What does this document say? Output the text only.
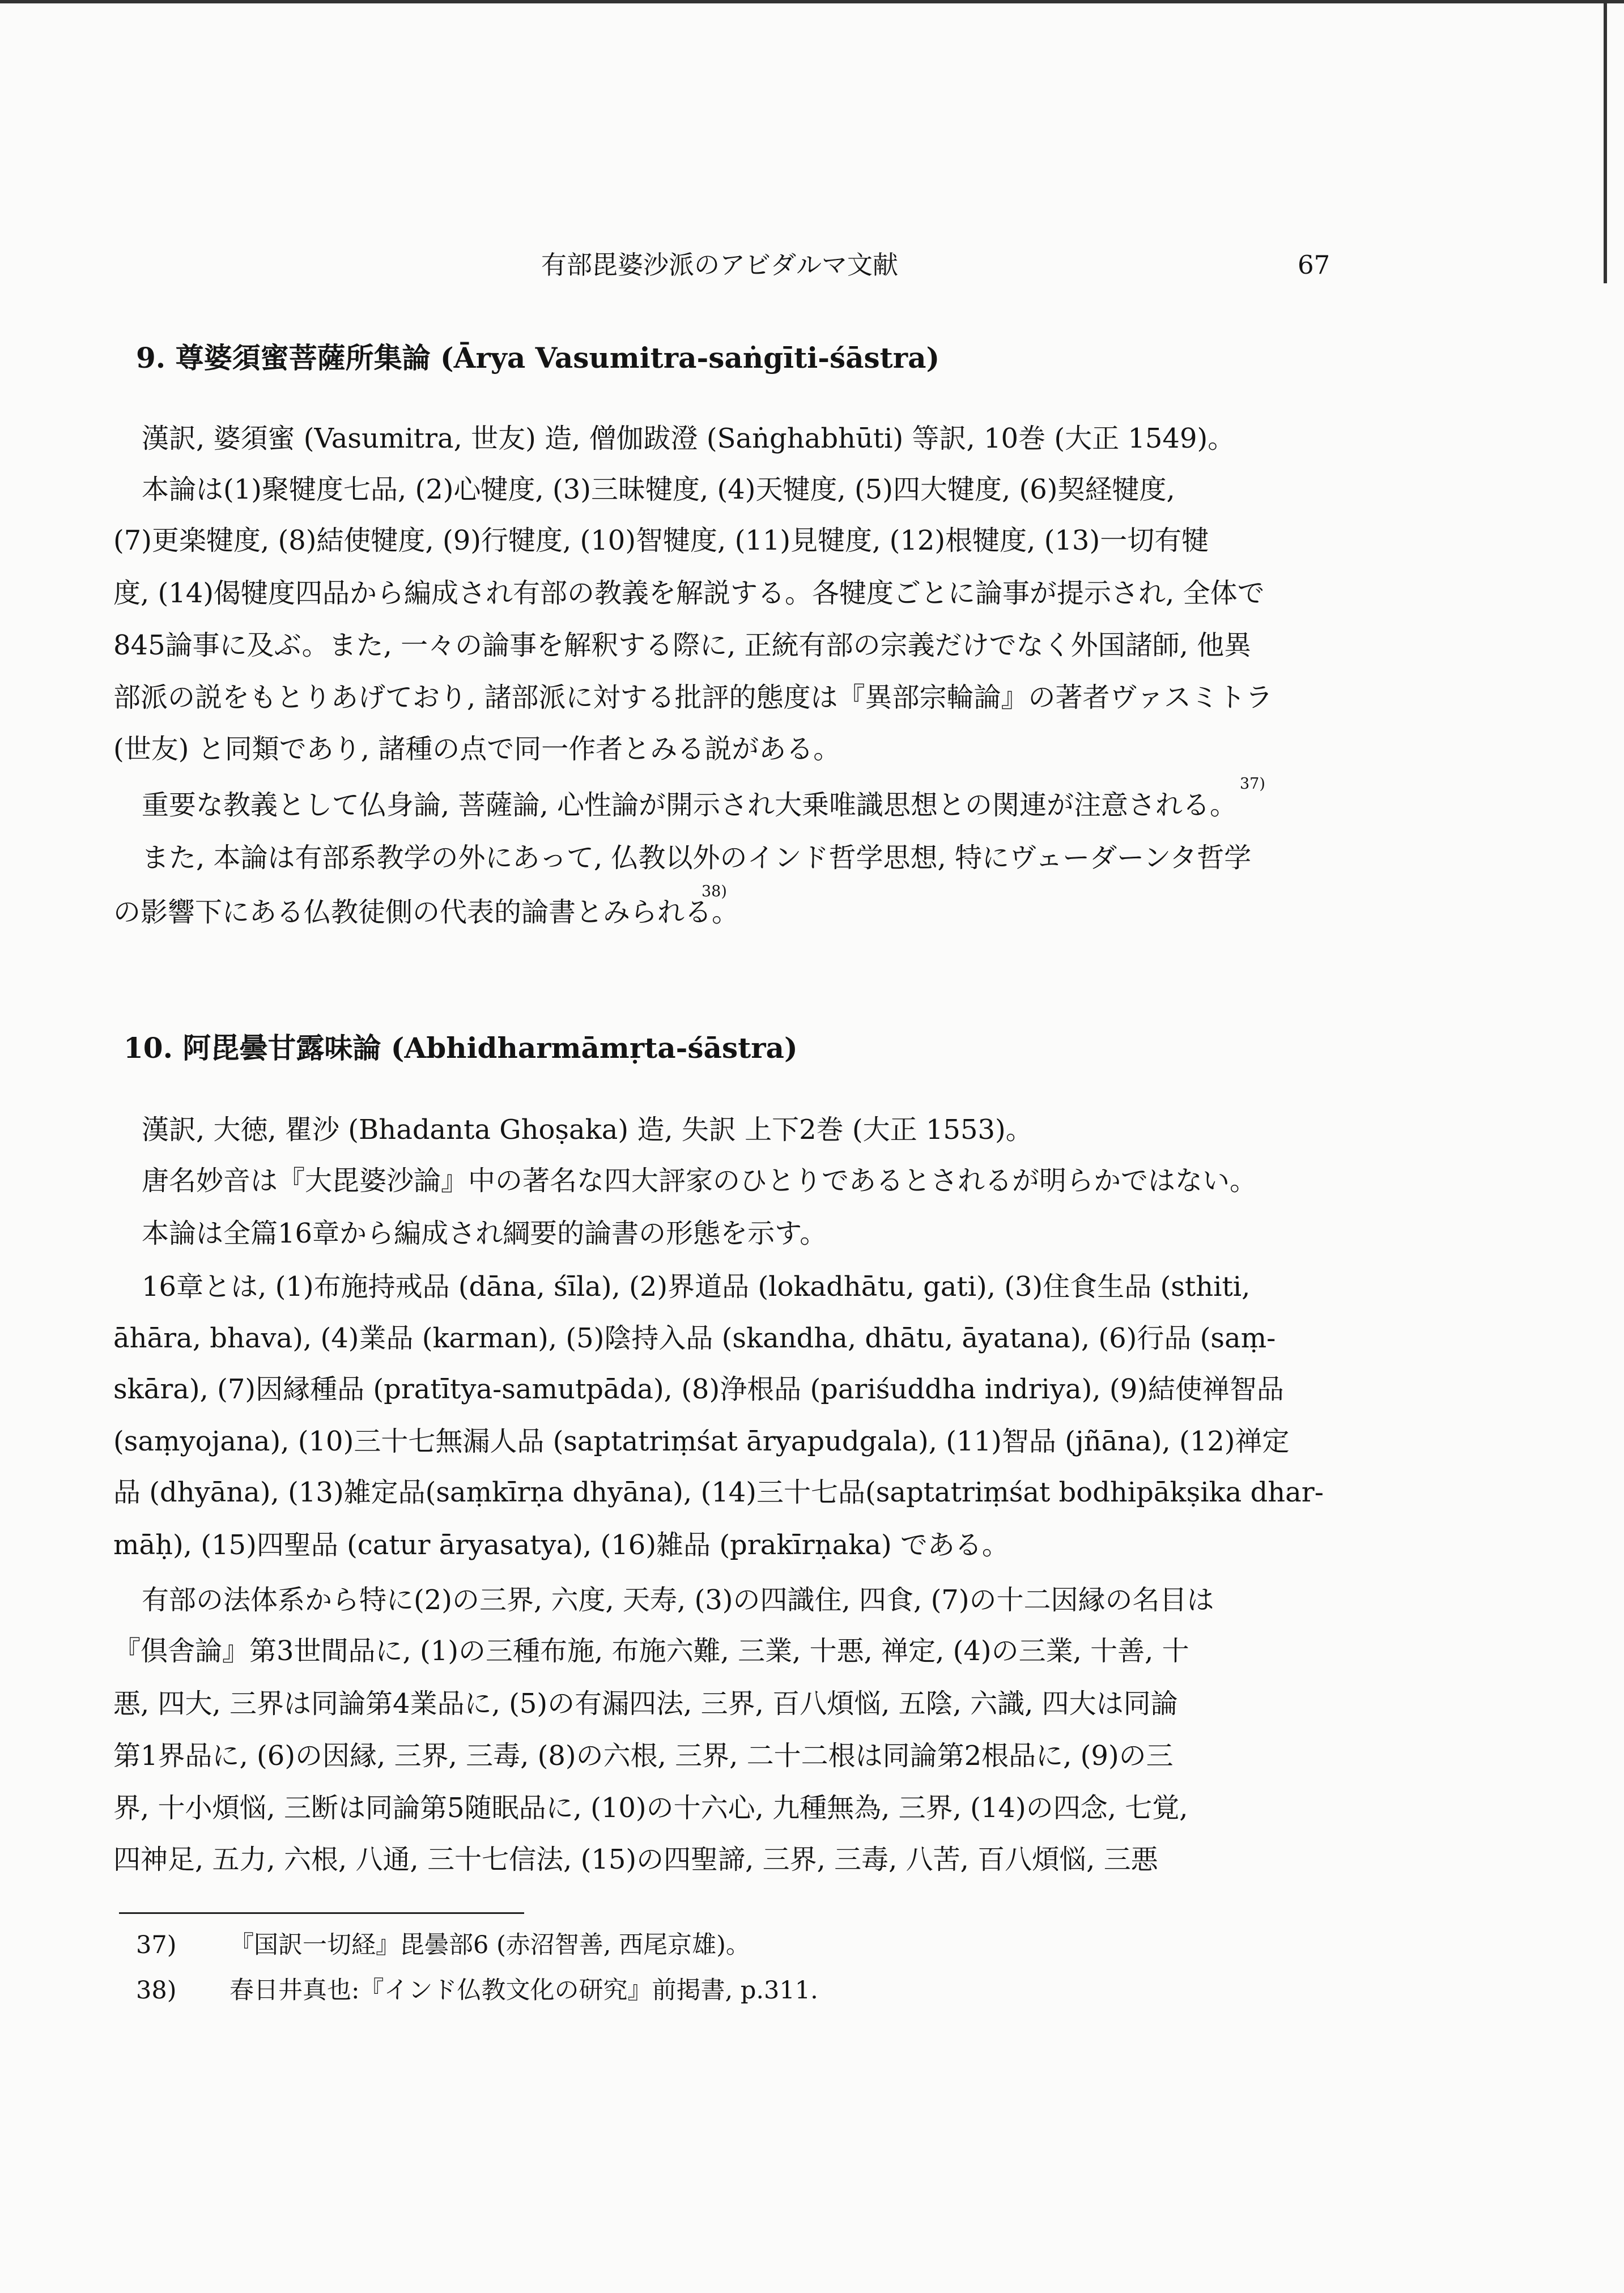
有部毘婆沙派のアビダルマ文献	67
9. 尊婆須蜜菩薩所集論 (Ārya Vasumitra-saṅgīti-śāstra)
漢訳, 婆須蜜 (Vasumitra, 世友) 造, 僧伽跋澄 (Saṅghabhūti) 等訳, 10巻 (大正 1549)。
本論は(1)聚犍度七品, (2)心犍度, (3)三昧犍度, (4)天犍度, (5)四大犍度, (6)契経犍度,
(7)更楽犍度, (8)結使犍度, (9)行犍度, (10)智犍度, (11)見犍度, (12)根犍度, (13)一切有犍
度, (14)偈犍度四品から編成され有部の教義を解説する。各犍度ごとに論事が提示され, 全体で
845論事に及ぶ。また, 一々の論事を解釈する際に, 正統有部の宗義だけでなく外国諸師, 他異
部派の説をもとりあげており, 諸部派に対する批評的態度は『異部宗輪論』の著者ヴァスミトラ
(世友) と同類であり, 諸種の点で同一作者とみる説がある。
重要な教義として仏身論, 菩薩論, 心性論が開示され大乗唯識思想との関連が注意される。
37)
また, 本論は有部系教学の外にあって, 仏教以外のインド哲学思想, 特にヴェーダーンタ哲学
の影響下にある仏教徒側の代表的論書とみられる。
38)
10. 阿毘曇甘露味論 (Abhidharmāmṛta-śāstra)
漢訳, 大徳, 瞿沙 (Bhadanta Ghoṣaka) 造, 失訳 上下2巻 (大正 1553)。
唐名妙音は『大毘婆沙論』中の著名な四大評家のひとりであるとされるが明らかではない。
本論は全篇16章から編成され綱要的論書の形態を示す。
16章とは, (1)布施持戒品 (dāna, śīla), (2)界道品 (lokadhātu, gati), (3)住食生品 (sthiti,
āhāra, bhava), (4)業品 (karman), (5)陰持入品 (skandha, dhātu, āyatana), (6)行品 (saṃ-
skāra), (7)因縁種品 (pratītya-samutpāda), (8)浄根品 (pariśuddha indriya), (9)結使禅智品
(saṃyojana), (10)三十七無漏人品 (saptatriṃśat āryapudgala), (11)智品 (jñāna), (12)禅定
品 (dhyāna), (13)雑定品(saṃkīrṇa dhyāna), (14)三十七品(saptatriṃśat bodhipākṣika dhar-
māḥ), (15)四聖品 (catur āryasatya), (16)雑品 (prakīrṇaka) である。
有部の法体系から特に(2)の三界, 六度, 天寿, (3)の四識住, 四食, (7)の十二因縁の名目は
『倶舎論』第3世間品に, (1)の三種布施, 布施六難, 三業, 十悪, 禅定, (4)の三業, 十善, 十
悪, 四大, 三界は同論第4業品に, (5)の有漏四法, 三界, 百八煩悩, 五陰, 六識, 四大は同論
第1界品に, (6)の因縁, 三界, 三毒, (8)の六根, 三界, 二十二根は同論第2根品に, (9)の三
界, 十小煩悩, 三断は同論第5随眠品に, (10)の十六心, 九種無為, 三界, (14)の四念, 七覚,
四神足, 五力, 六根, 八通, 三十七信法, (15)の四聖諦, 三界, 三毒, 八苦, 百八煩悩, 三悪
37) 『国訳一切経』毘曇部6 (赤沼智善, 西尾京雄)。
38) 春日井真也:『インド仏教文化の研究』前掲書, p.311.
